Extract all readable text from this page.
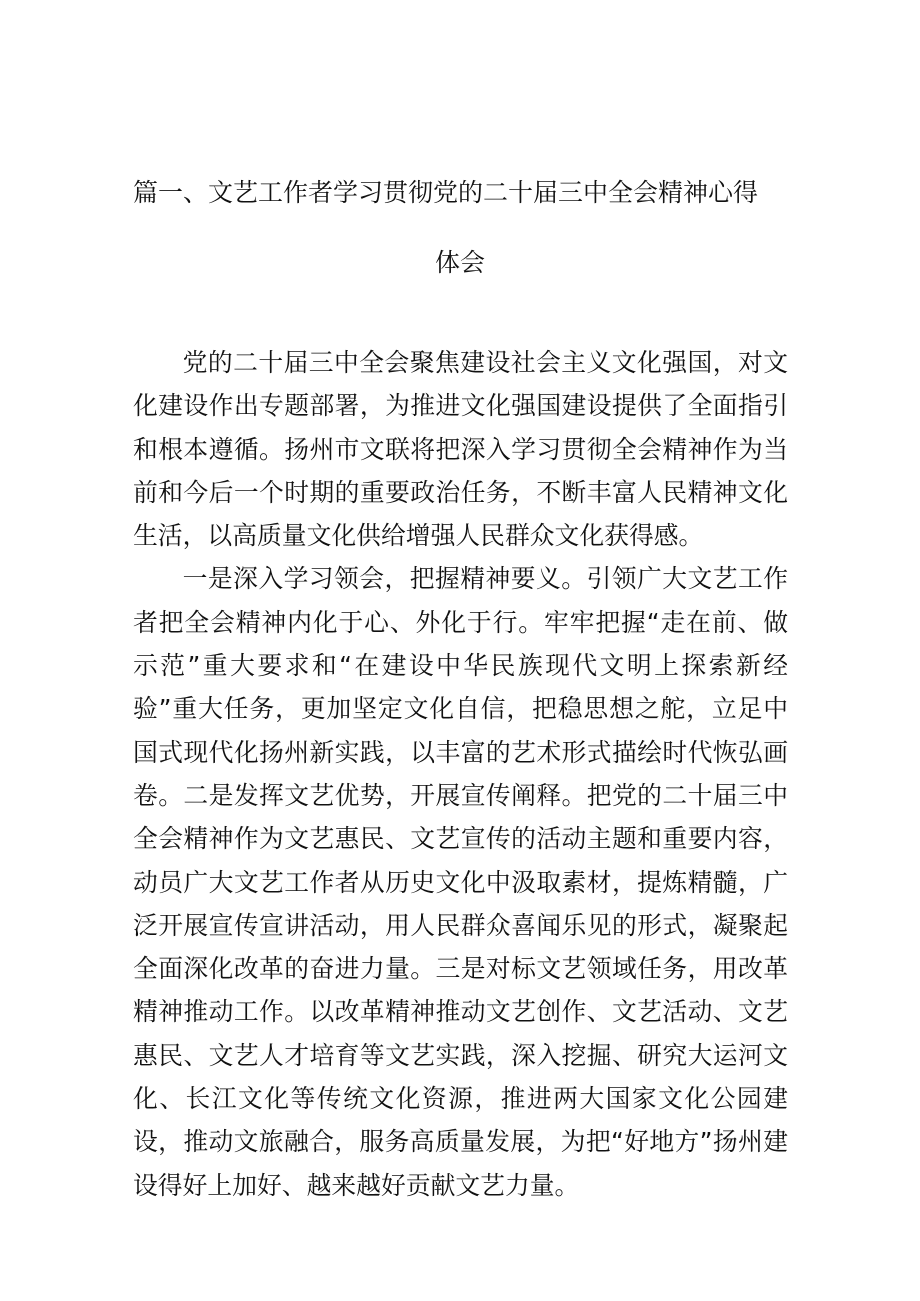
篇一、文艺工作者学习贯彻党的二十届三中全会精神心得
体会

党的二十届三中全会聚焦建设社会主义文化强国，对文化建设作出专题部署，为推进文化强国建设提供了全面指引和根本遵循。扬州市文联将把深入学习贯彻全会精神作为当前和今后一个时期的重要政治任务，不断丰富人民精神文化生活，以高质量文化供给增强人民群众文化获得感。

一是深入学习领会，把握精神要义。引领广大文艺工作者把全会精神内化于心、外化于行。牢牢把握“走在前、做示范”重大要求和“在建设中华民族现代文明上探索新经验”重大任务，更加坚定文化自信，把稳思想之舵，立足中国式现代化扬州新实践，以丰富的艺术形式描绘时代恢弘画卷。二是发挥文艺优势，开展宣传阐释。把党的二十届三中全会精神作为文艺惠民、文艺宣传的活动主题和重要内容，动员广大文艺工作者从历史文化中汲取素材，提炼精髓，广泛开展宣传宣讲活动，用人民群众喜闻乐见的形式，凝聚起全面深化改革的奋进力量。三是对标文艺领域任务，用改革精神推动工作。以改革精神推动文艺创作、文艺活动、文艺惠民、文艺人才培育等文艺实践，深入挖掘、研究大运河文化、长江文化等传统文化资源，推进两大国家文化公园建设，推动文旅融合，服务高质量发展，为把“好地方”扬州建设得好上加好、越来越好贡献文艺力量。
